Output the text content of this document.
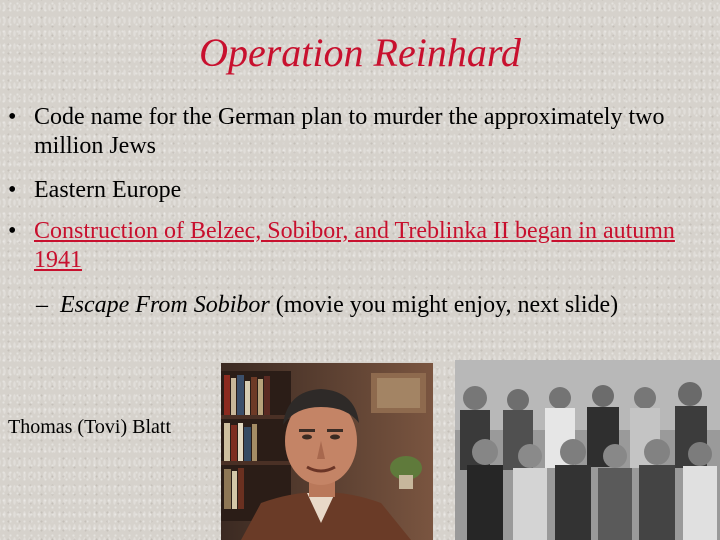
Operation Reinhard
• Code name for the German plan to murder the approximately two million Jews
• Eastern Europe
• Construction of Belzec, Sobibor, and Treblinka II began in autumn 1941
– Escape From Sobibor (movie you might enjoy, next slide)
Thomas (Tovi) Blatt
